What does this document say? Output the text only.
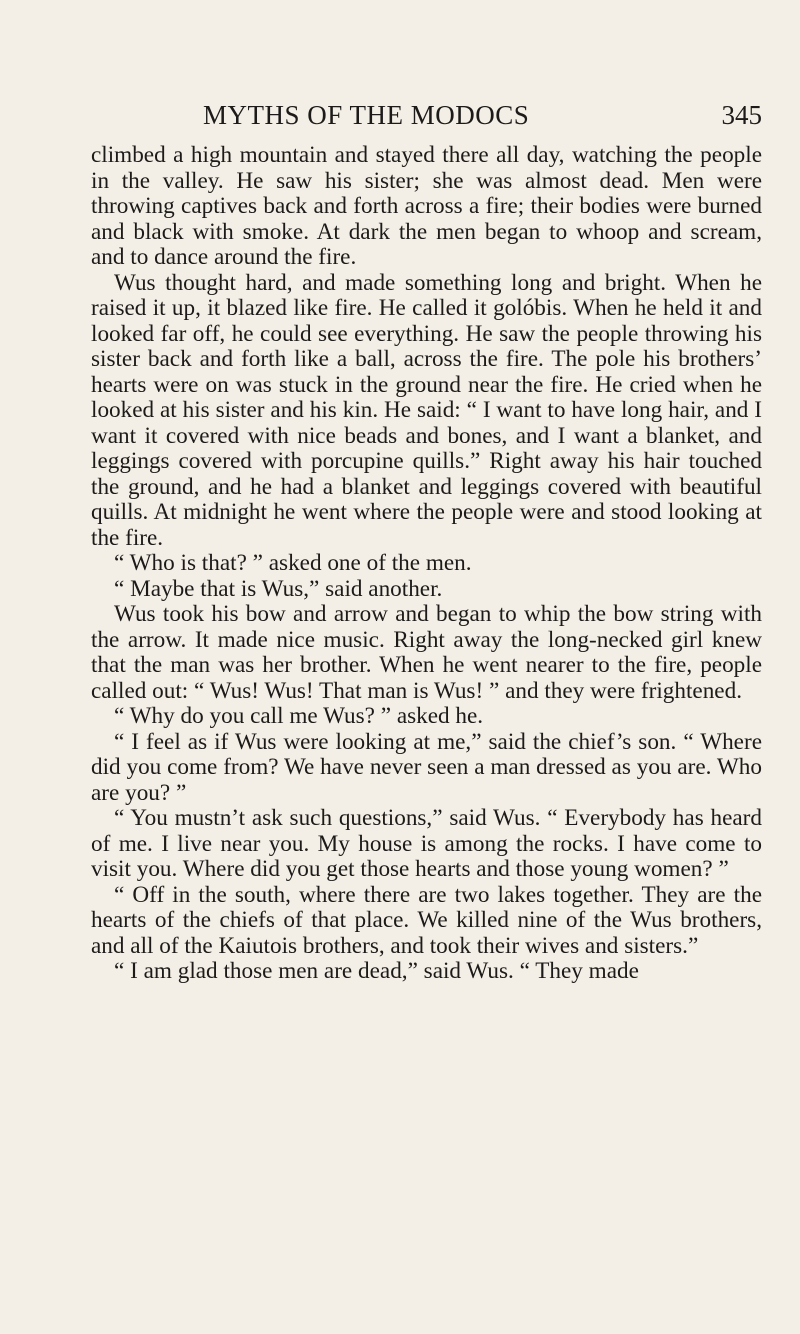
MYTHS OF THE MODOCS	345

climbed a high mountain and stayed there all day, watching the people in the valley. He saw his sister; she was almost dead. Men were throwing captives back and forth across a fire; their bodies were burned and black with smoke. At dark the men began to whoop and scream, and to dance around the fire.

Wus thought hard, and made something long and bright. When he raised it up, it blazed like fire. He called it golóbis. When he held it and looked far off, he could see everything. He saw the people throwing his sister back and forth like a ball, across the fire. The pole his brothers’ hearts were on was stuck in the ground near the fire. He cried when he looked at his sister and his kin. He said: “ I want to have long hair, and I want it covered with nice beads and bones, and I want a blanket, and leggings covered with porcupine quills.” Right away his hair touched the ground, and he had a blanket and leggings covered with beautiful quills. At midnight he went where the people were and stood looking at the fire.

“ Who is that? ” asked one of the men.

“ Maybe that is Wus,” said another.

Wus took his bow and arrow and began to whip the bow string with the arrow. It made nice music. Right away the long-necked girl knew that the man was her brother. When he went nearer to the fire, people called out: “ Wus! Wus! That man is Wus! ” and they were frightened.

“ Why do you call me Wus? ” asked he.

“ I feel as if Wus were looking at me,” said the chief’s son. “ Where did you come from? We have never seen a man dressed as you are. Who are you? ”

“ You mustn’t ask such questions,” said Wus. “ Everybody has heard of me. I live near you. My house is among the rocks. I have come to visit you. Where did you get those hearts and those young women? ”

“ Off in the south, where there are two lakes together. They are the hearts of the chiefs of that place. We killed nine of the Wus brothers, and all of the Kaiutois brothers, and took their wives and sisters.”

“ I am glad those men are dead,” said Wus. “ They made
